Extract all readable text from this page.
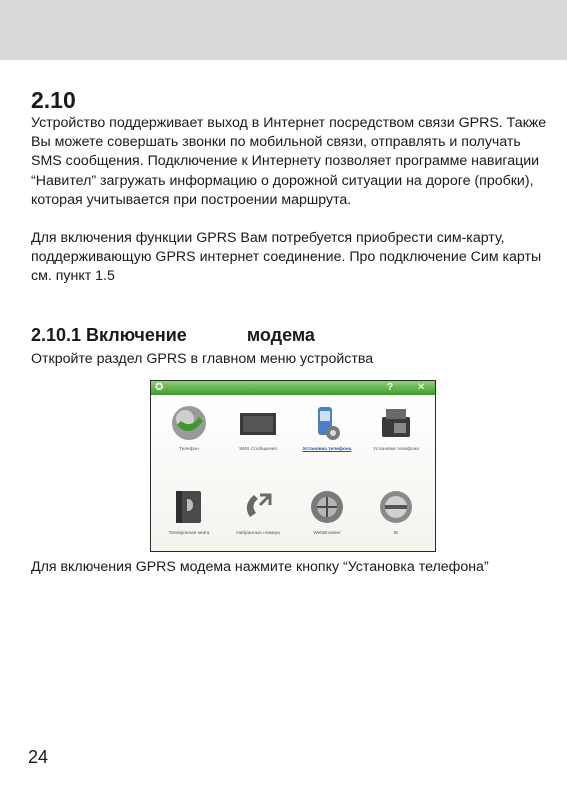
2.10

Устройство поддерживает выход в Интернет посредством связи GPRS. Также Вы можете совершать звонки по мобильной связи, отправлять и получать SMS сообщения. Подключение к Интернету позволяет программе навигации “Навител” загружать информацию о дорожной ситуации на дороге (пробки), которая учитывается при построении маршрута.

Для включения функции GPRS Вам потребуется приобрести сим-карту, поддерживающую GPRS интернет соединение. Про подключение Сим карты см. пункт 1.5

2.10.1 Включение            модема

Откройте раздел GPRS в главном меню устройства

✪	? ✕
Телефон	SMS Сообщения	Установка телефона	Установки телефона
Телефонная книга	Набранные номера	WebBrowser	IE

Для включения GPRS модема нажмите кнопку “Установка телефона”

24
